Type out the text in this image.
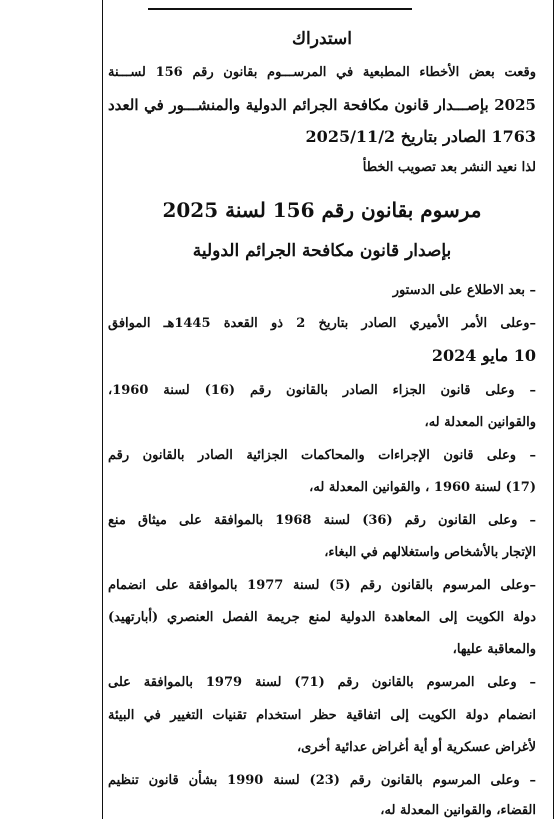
استدراك
وقعت بعض الأخطاء المطبعية في المرســـوم بقانون رقم 156 لســـنة
2025 بإصـــدار قانون مكافحة الجرائم الدولية والمنشـــور في العدد
1763 الصادر بتاريخ 2025/11/2
لذا نعيد النشر بعد تصويب الخطأ
مرسوم بقانون رقم 156 لسنة 2025
بإصدار قانون مكافحة الجرائم الدولية
– بعد الاطلاع على الدستور
–وعلى الأمر الأميري الصادر بتاريخ 2 ذو القعدة 1445هـ الموافق
10 مايو 2024
– وعلى قانون الجزاء الصادر بالقانون رقم (16) لسنة 1960،
والقوانين المعدلة له،
– وعلى قانون الإجراءات والمحاكمات الجزائية الصادر بالقانون رقم
(17) لسنة 1960 ، والقوانين المعدلة له،
– وعلى القانون رقم (36) لسنة 1968 بالموافقة على ميثاق منع
الإتجار بالأشخاص واستغلالهم في البغاء،
–وعلى المرسوم بالقانون رقم (5) لسنة 1977 بالموافقة على انضمام
دولة الكويت إلى المعاهدة الدولية لمنع جريمة الفصل العنصري (أبارتهيد)
والمعاقبة عليها،
– وعلى المرسوم بالقانون رقم (71) لسنة 1979 بالموافقة على
انضمام دولة الكويت إلى اتفاقية حظر استخدام تقنيات التغيير في البيئة
لأغراض عسكرية أو أية أغراض عدائية أخرى،
– وعلى المرسوم بالقانون رقم (23) لسنة 1990 بشأن قانون تنظيم
القضاء، والقوانين المعدلة له،
